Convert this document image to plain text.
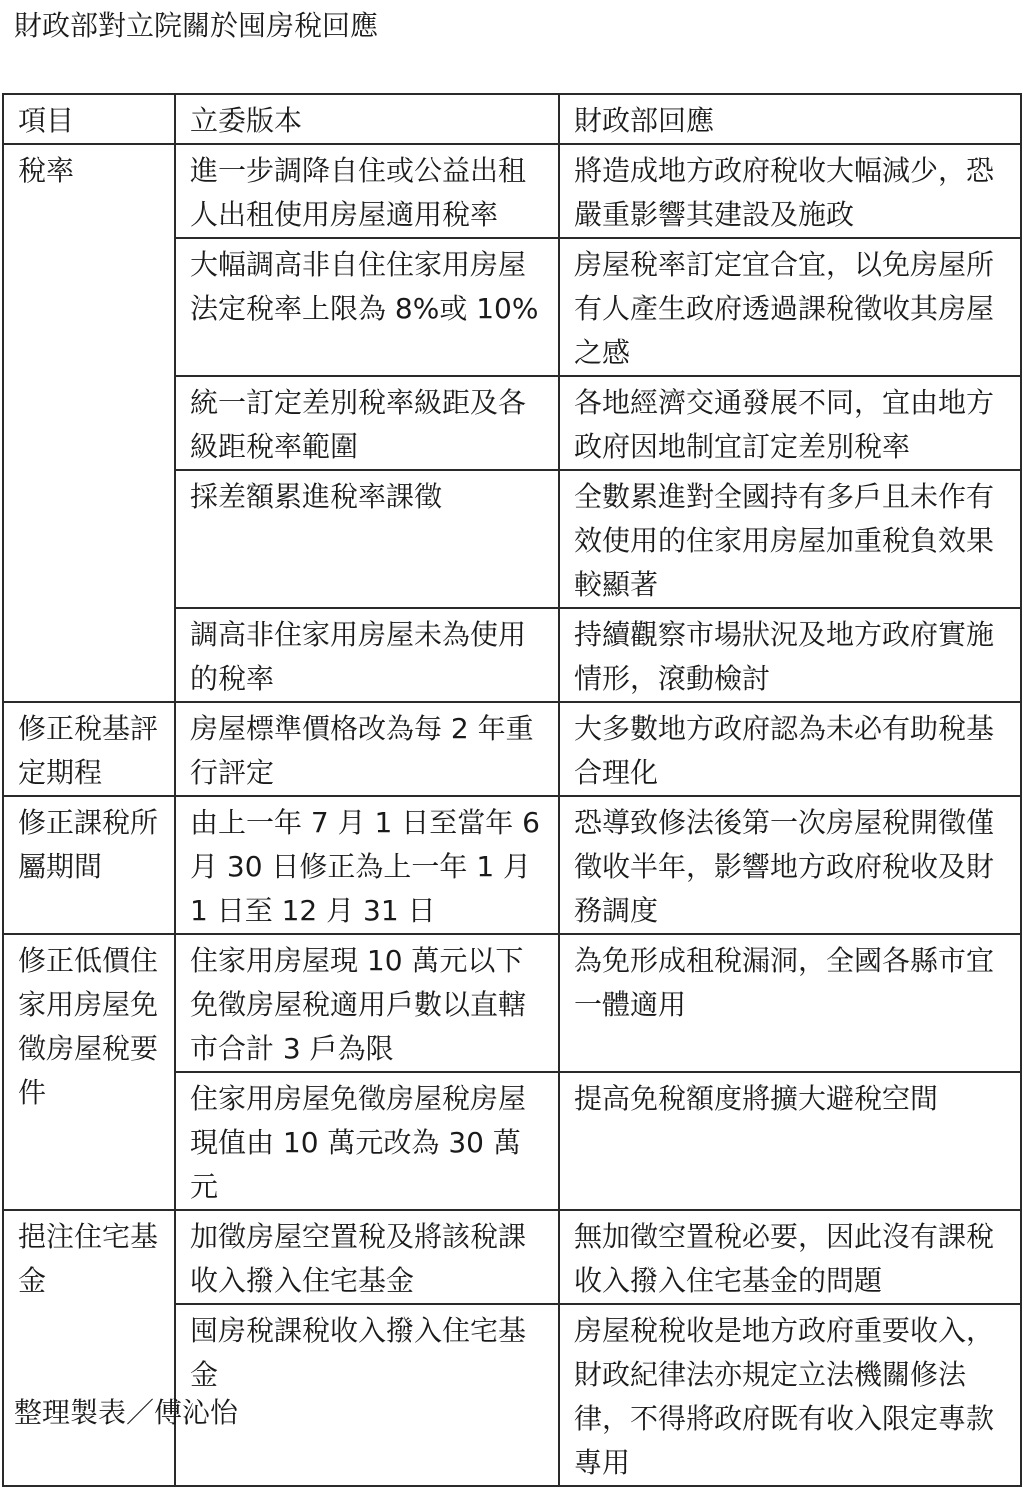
財政部對立院關於囤房稅回應
項目	立委版本	財政部回應
稅率	進一步調降自住或公益出租人出租使用房屋適用稅率	將造成地方政府稅收大幅減少，恐嚴重影響其建設及施政
	大幅調高非自住住家用房屋法定稅率上限為 8%或 10%	房屋稅率訂定宜合宜，以免房屋所有人產生政府透過課稅徵收其房屋之感
	統一訂定差別稅率級距及各級距稅率範圍	各地經濟交通發展不同，宜由地方政府因地制宜訂定差別稅率
	採差額累進稅率課徵	全數累進對全國持有多戶且未作有效使用的住家用房屋加重稅負效果較顯著
	調高非住家用房屋未為使用的稅率	持續觀察市場狀況及地方政府實施情形，滾動檢討
修正稅基評定期程	房屋標準價格改為每 2 年重行評定	大多數地方政府認為未必有助稅基合理化
修正課稅所屬期間	由上一年 7 月 1 日至當年 6 月 30 日修正為上一年 1 月 1 日至 12 月 31 日	恐導致修法後第一次房屋稅開徵僅徵收半年，影響地方政府稅收及財務調度
修正低價住家用房屋免徵房屋稅要件	住家用房屋現 10 萬元以下免徵房屋稅適用戶數以直轄市合計 3 戶為限	為免形成租稅漏洞，全國各縣市宜一體適用
	住家用房屋免徵房屋稅房屋現值由 10 萬元改為 30 萬元	提高免稅額度將擴大避稅空間
挹注住宅基金	加徵房屋空置稅及將該稅課收入撥入住宅基金	無加徵空置稅必要，因此沒有課稅收入撥入住宅基金的問題
	囤房稅課稅收入撥入住宅基金	房屋稅稅收是地方政府重要收入，財政紀律法亦規定立法機關修法律，不得將政府既有收入限定專款專用
整理製表／傅沁怡
